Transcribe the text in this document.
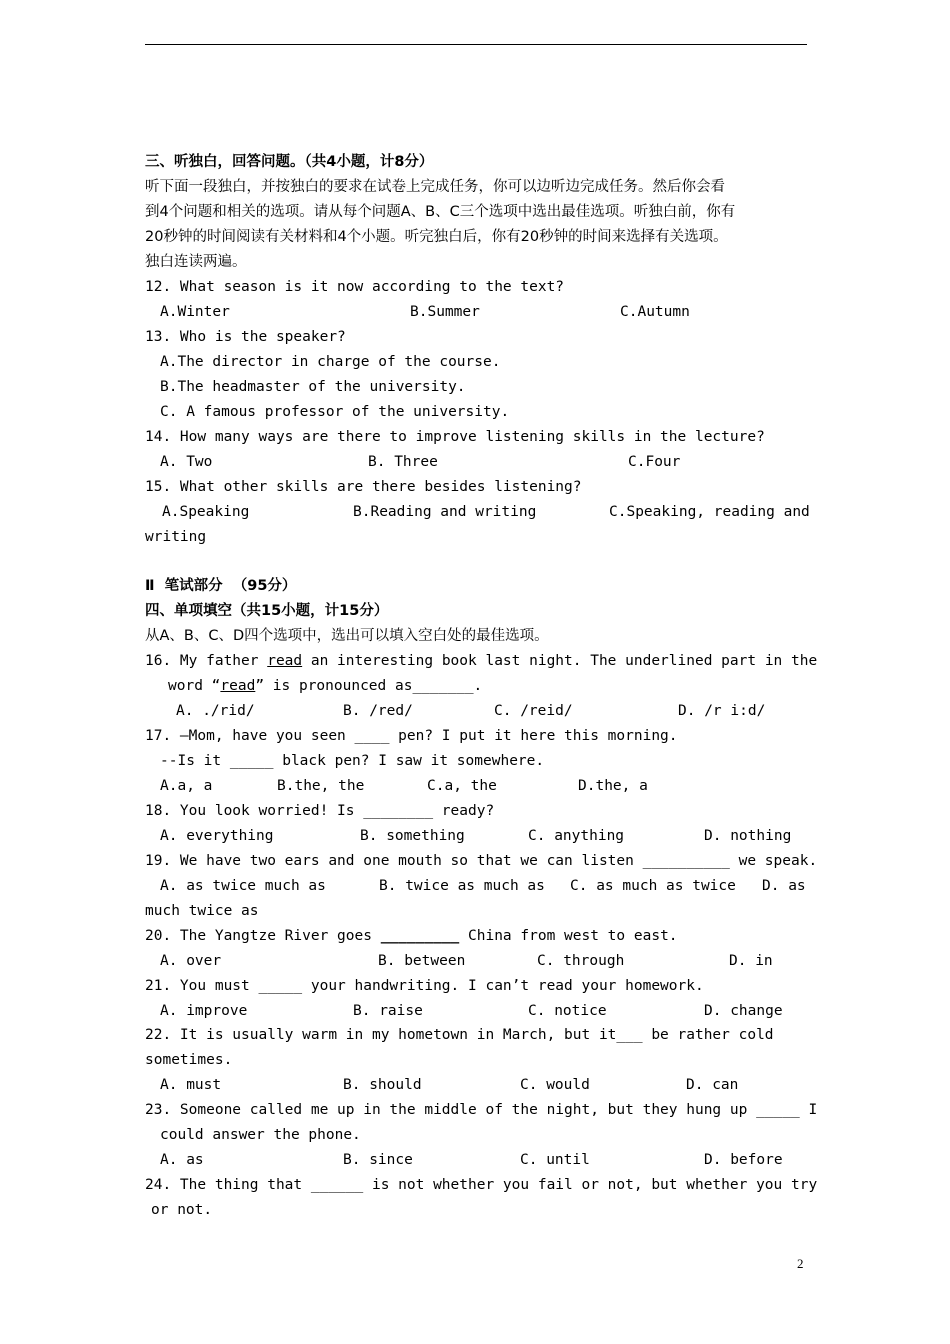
三、听独白，回答问题。（共4小题，计8分）
听下面一段独白，并按独白的要求在试卷上完成任务，你可以边听边完成任务。然后你会看
到4个问题和相关的选项。请从每个问题A、B、C三个选项中选出最佳选项。听独白前，你有
20秒钟的时间阅读有关材料和4个小题。听完独白后，你有20秒钟的时间来选择有关选项。
独白连读两遍。
12. What season is it now according to the text?
A.Winter	B.Summer	C.Autumn
13. Who is the speaker?
A.The director in charge of the course.
B.The headmaster of the university.
C. A famous professor of the university.
14. How many ways are there to improve listening skills in the lecture?
A. Two	B. Three	C.Four
15. What other skills are there besides listening?
A.Speaking	B.Reading and writing	C.Speaking, reading and
writing
Ⅱ  笔试部分  （95分）
四、单项填空（共15小题，计15分）
从A、B、C、D四个选项中，选出可以填入空白处的最佳选项。
16. My father read an interesting book last night. The underlined part in the
word “read” is pronounced as_______.
A. ./rid/	B. /red/	C. /reid/	D. /r i:d/
17. –Mom, have you seen ____ pen? I put it here this morning.
--Is it _____ black pen? I saw it somewhere.
A.a, a	B.the, the	C.a, the	D.the, a
18. You look worried! Is ________ ready?
A. everything	B. something	C. anything	D. nothing
19. We have two ears and one mouth so that we can listen __________ we speak.
A. as twice much as	B. twice as much as C. as much as twice D. as
much twice as
20. The Yangtze River goes _________ China from west to east.
A. over	B. between	C. through	D. in
21. You must _____ your handwriting. I can’t read your homework.
A. improve	B. raise	C. notice	D. change
22. It is usually warm in my hometown in March, but it___ be rather cold
sometimes.
A. must	B. should	C. would	D. can
23. Someone called me up in the middle of the night, but they hung up _____ I
could answer the phone.
A. as	B. since	C. until	D. before
24. The thing that ______ is not whether you fail or not, but whether you try
or not.
2
